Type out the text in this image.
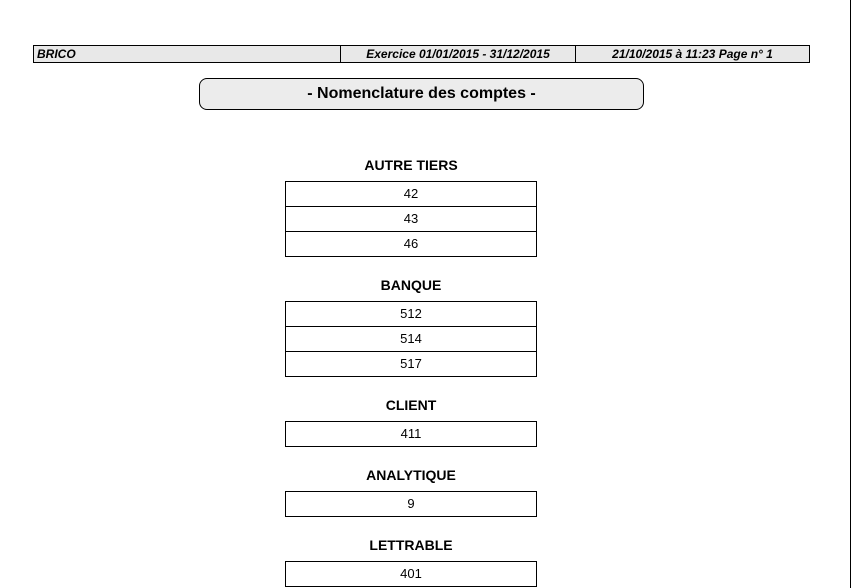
BRICO	Exercice 01/01/2015 - 31/12/2015	21/10/2015 à 11:23 Page n° 1
- Nomenclature des comptes -
AUTRE TIERS
42
43
46
BANQUE
512
514
517
CLIENT
411
ANALYTIQUE
9
LETTRABLE
401
